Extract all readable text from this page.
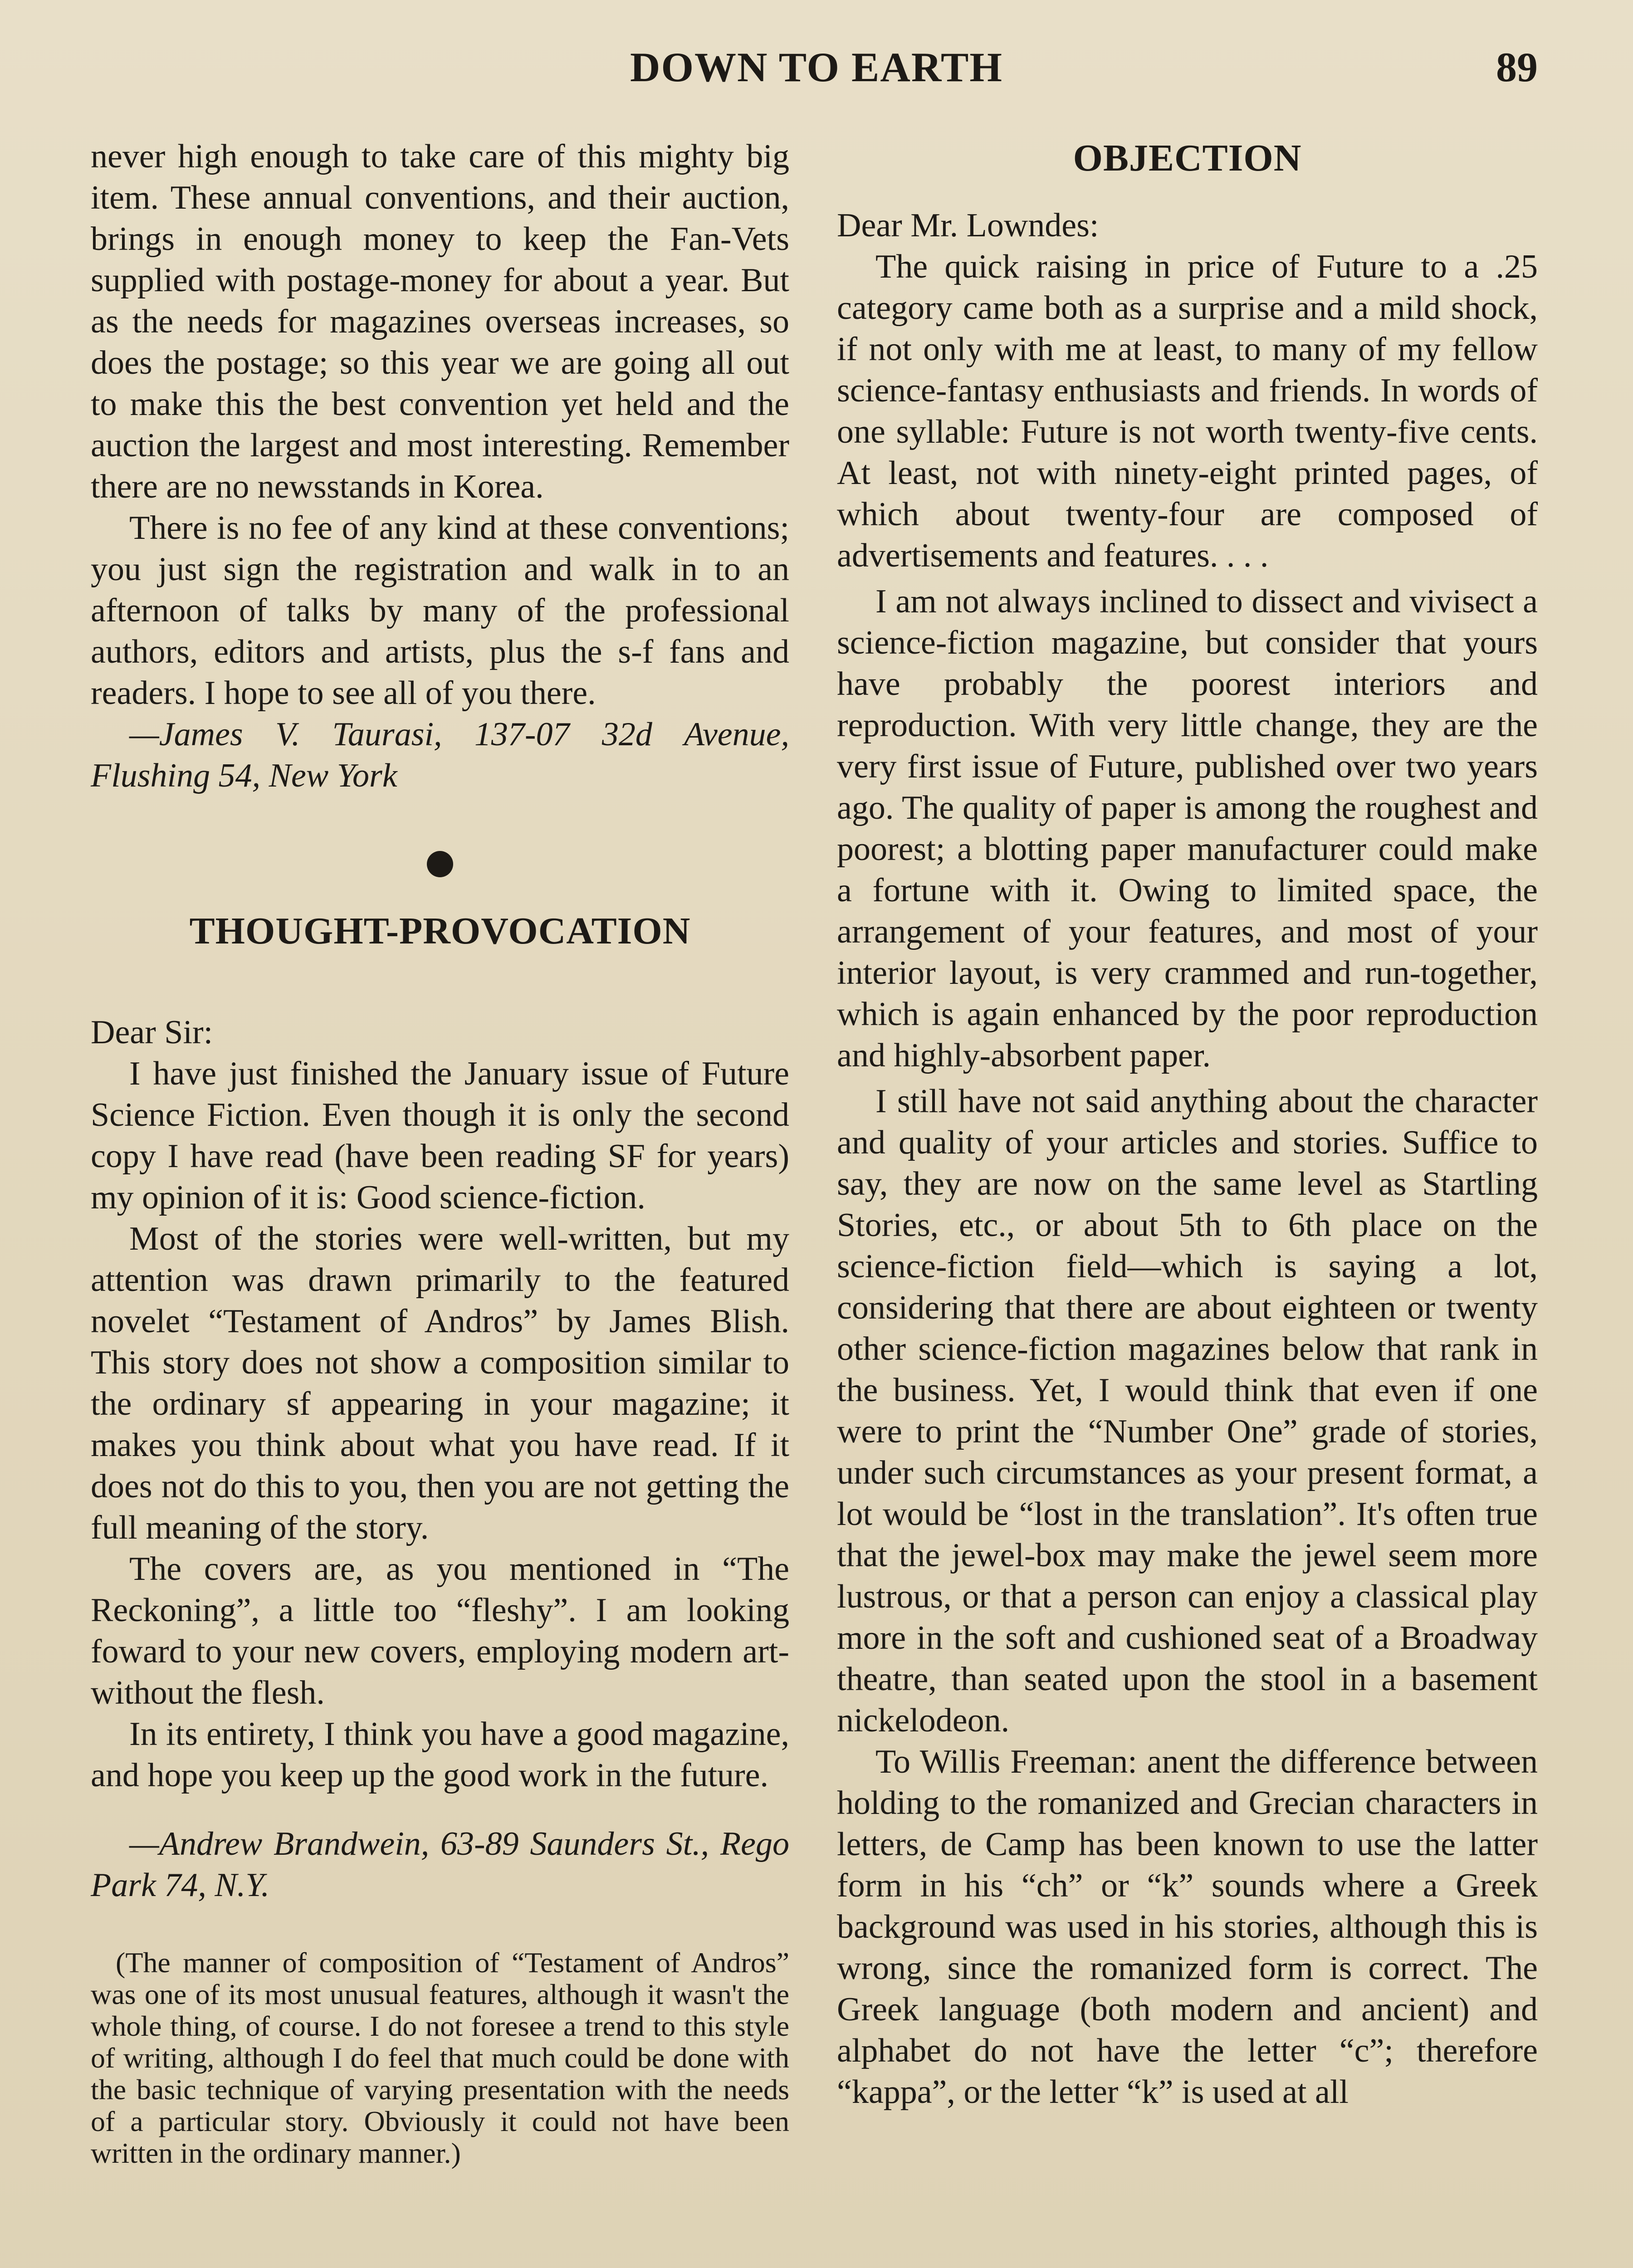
DOWN TO EARTH	89

never high enough to take care of this mighty big item. These annual conventions, and their auction, brings in enough money to keep the Fan-Vets supplied with postage-money for about a year. But as the needs for magazines overseas increases, so does the postage; so this year we are going all out to make this the best convention yet held and the auction the largest and most interesting. Remember there are no newsstands in Korea.

There is no fee of any kind at these conventions; you just sign the registration and walk in to an afternoon of talks by many of the professional authors, editors and artists, plus the s-f fans and readers. I hope to see all of you there.

—James V. Taurasi, 137-07 32d Avenue, Flushing 54, New York

THOUGHT-PROVOCATION

Dear Sir:

I have just finished the January issue of Future Science Fiction. Even though it is only the second copy I have read (have been reading SF for years) my opinion of it is: Good science-fiction.

Most of the stories were well-written, but my attention was drawn primarily to the featured novelet “Testament of Andros” by James Blish. This story does not show a composition similar to the ordinary sf appearing in your magazine; it makes you think about what you have read. If it does not do this to you, then you are not getting the full meaning of the story.

The covers are, as you mentioned in “The Reckoning”, a little too “fleshy”. I am looking foward to your new covers, employing modern art-without the flesh.

In its entirety, I think you have a good magazine, and hope you keep up the good work in the future.

—Andrew Brandwein, 63-89 Saunders St., Rego Park 74, N.Y.

(The manner of composition of “Testament of Andros” was one of its most unusual features, although it wasn't the whole thing, of course. I do not foresee a trend to this style of writing, although I do feel that much could be done with the basic technique of varying presentation with the needs of a particular story. Obviously it could not have been written in the ordinary manner.)

OBJECTION

Dear Mr. Lowndes:

The quick raising in price of Future to a .25 category came both as a surprise and a mild shock, if not only with me at least, to many of my fellow science-fantasy enthusiasts and friends. In words of one syllable: Future is not worth twenty-five cents. At least, not with ninety-eight printed pages, of which about twenty-four are composed of advertisements and features. . . .

I am not always inclined to dissect and vivisect a science-fiction magazine, but consider that yours have probably the poorest interiors and reproduction. With very little change, they are the very first issue of Future, published over two years ago. The quality of paper is among the roughest and poorest; a blotting paper manufacturer could make a fortune with it. Owing to limited space, the arrangement of your features, and most of your interior layout, is very crammed and run-together, which is again enhanced by the poor reproduction and highly-absorbent paper.

I still have not said anything about the character and quality of your articles and stories. Suffice to say, they are now on the same level as Startling Stories, etc., or about 5th to 6th place on the science-fiction field—which is saying a lot, considering that there are about eighteen or twenty other science-fiction magazines below that rank in the business. Yet, I would think that even if one were to print the “Number One” grade of stories, under such circumstances as your present format, a lot would be “lost in the translation”. It's often true that the jewel-box may make the jewel seem more lustrous, or that a person can enjoy a classical play more in the soft and cushioned seat of a Broadway theatre, than seated upon the stool in a basement nickelodeon.

To Willis Freeman: anent the difference between holding to the romanized and Grecian characters in letters, de Camp has been known to use the latter form in his “ch” or “k” sounds where a Greek background was used in his stories, although this is wrong, since the romanized form is correct. The Greek language (both modern and ancient) and alphabet do not have the letter “c”; therefore “kappa”, or the letter “k” is used at all
